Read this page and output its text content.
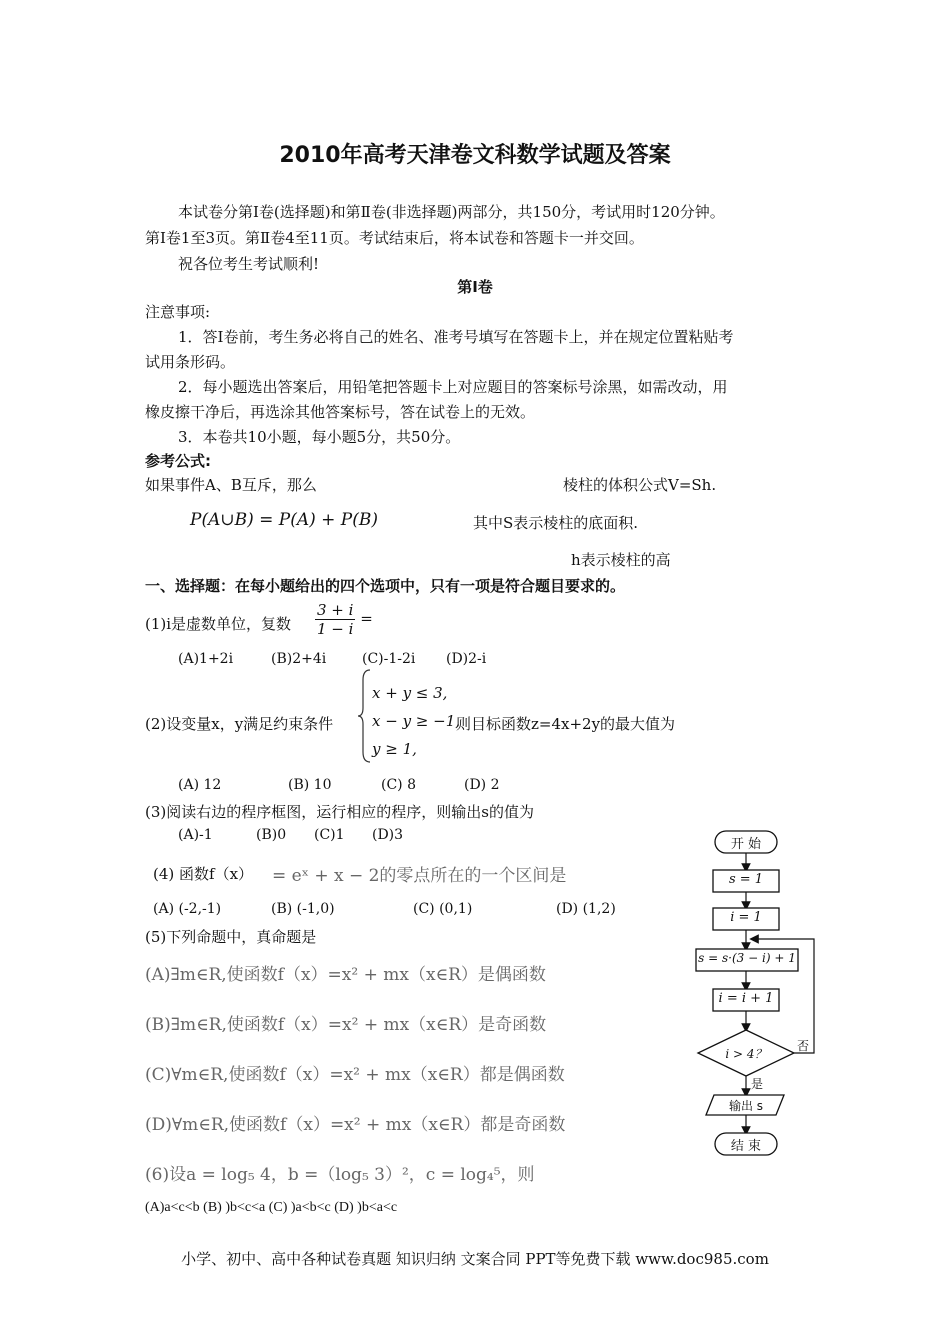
2010年高考天津卷文科数学试题及答案
本试卷分第Ⅰ卷(选择题)和第Ⅱ卷(非选择题)两部分，共150分，考试用时120分钟。
第Ⅰ卷1至3页。第Ⅱ卷4至11页。考试结束后，将本试卷和答题卡一并交回。
祝各位考生考试顺利!
第Ⅰ卷
注意事项:
1．答Ⅰ卷前，考生务必将自己的姓名、准考号填写在答题卡上，并在规定位置粘贴考
试用条形码。
2．每小题选出答案后，用铅笔把答题卡上对应题目的答案标号涂黑，如需改动，用
橡皮擦干净后，再选涂其他答案标号，答在试卷上的无效。
3．本卷共10小题，每小题5分，共50分。
参考公式:
如果事件A、B互斥，那么	棱柱的体积公式V=Sh.
P(A∪B) = P(A) + P(B)	其中S表示棱柱的底面积.
h表示棱柱的高
一、选择题：在每小题给出的四个选项中，只有一项是符合题目要求的。
(1)i是虚数单位，复数 $\frac{3 + i}{1 - i}$ =
(A)1+2i	(B)2+4i	(C)-1-2i (D)2-i
(2)设变量x，y满足约束条件
x + y ≤ 3,
x − y ≥ −1,
y ≥ 1,
则目标函数z=4x+2y的最大值为
(A) 12	(B) 10	(C) 8	(D) 2
(3)阅读右边的程序框图，运行相应的程序，则输出s的值为
(A)-1	(B)0 (C)1 (D)3
(4) 函数f（x） = eˣ + x − 2的零点所在的一个区间是
(A) (-2,-1)	(B) (-1,0)	(C) (0,1)	(D) (1,2)
(5)下列命题中，真命题是
(A)∃m∈R,使函数f（x）=x² + mx（x∈R）是偶函数
(B)∃m∈R,使函数f（x）=x² + mx（x∈R）是奇函数
(C)∀m∈R,使函数f（x）=x² + mx（x∈R）都是偶函数
(D)∀m∈R,使函数f（x）=x² + mx（x∈R）都是奇函数
(6)设a = log₅ 4，b =（log₅ 3）²，c = log₄⁵，则
(A)a<c<b (B) )b<c<a (C) )a<b<c (D) )b<a<c
开 始
s = 1
i = 1
s = s·(3 − i) + 1
i = i + 1
i > 4？
否
是
输出 s
结 束
小学、初中、高中各种试卷真题 知识归纳 文案合同 PPT等免费下载 www.doc985.com
